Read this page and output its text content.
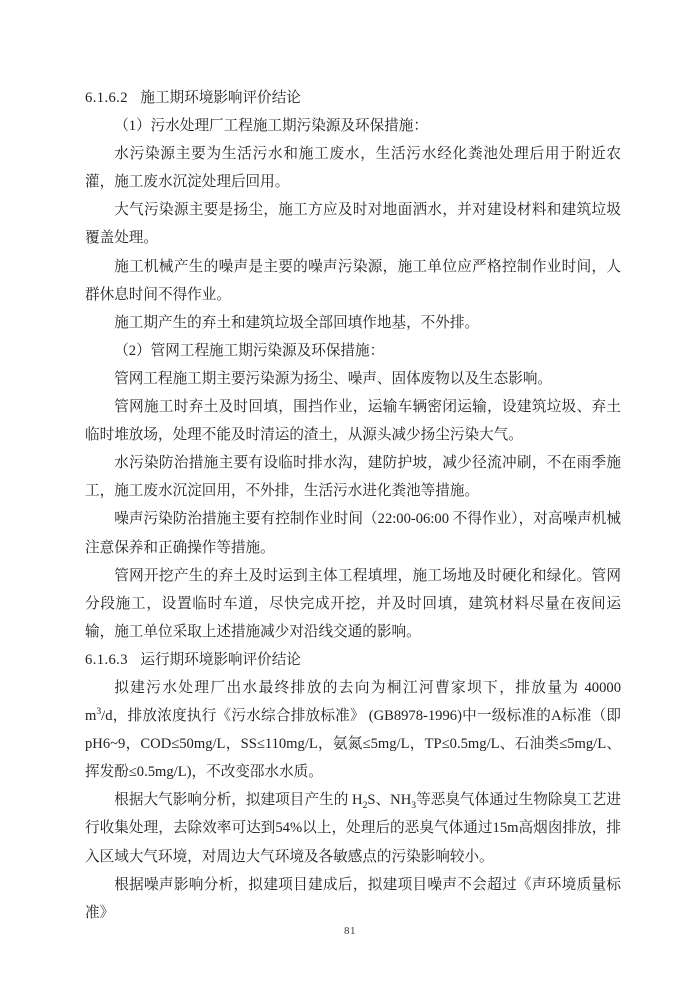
6.1.6.2 施工期环境影响评价结论

（1）污水处理厂工程施工期污染源及环保措施：

水污染源主要为生活污水和施工废水，生活污水经化粪池处理后用于附近农灌，施工废水沉淀处理后回用。

大气污染源主要是扬尘，施工方应及时对地面洒水，并对建设材料和建筑垃圾覆盖处理。

施工机械产生的噪声是主要的噪声污染源，施工单位应严格控制作业时间，人群休息时间不得作业。

施工期产生的弃土和建筑垃圾全部回填作地基，不外排。

（2）管网工程施工期污染源及环保措施：

管网工程施工期主要污染源为扬尘、噪声、固体废物以及生态影响。

管网施工时弃土及时回填，围挡作业，运输车辆密闭运输，设建筑垃圾、弃土临时堆放场，处理不能及时清运的渣土，从源头减少扬尘污染大气。

水污染防治措施主要有设临时排水沟，建防护坡，减少径流冲刷，不在雨季施工，施工废水沉淀回用，不外排，生活污水进化粪池等措施。

噪声污染防治措施主要有控制作业时间（22:00-06:00 不得作业），对高噪声机械注意保养和正确操作等措施。

管网开挖产生的弃土及时运到主体工程填埋，施工场地及时硬化和绿化。管网分段施工，设置临时车道，尽快完成开挖，并及时回填，建筑材料尽量在夜间运输，施工单位采取上述措施减少对沿线交通的影响。

6.1.6.3 运行期环境影响评价结论

拟建污水处理厂出水最终排放的去向为桐江河曹家坝下，排放量为 40000 $m^3/d$，排放浓度执行《污水综合排放标准》 (GB8978-1996)中一级标准的A标准（即 pH6~9，COD≤50mg/L，SS≤110mg/L，氨氮≤5mg/L，TP≤0.5mg/L、石油类≤5mg/L、挥发酚≤0.5mg/L)，不改变邵水水质。

根据大气影响分析，拟建项目产生的 $H_2S$、$NH_3$等恶臭气体通过生物除臭工艺进行收集处理，去除效率可达到54%以上，处理后的恶臭气体通过15m高烟囱排放，排入区域大气环境，对周边大气环境及各敏感点的污染影响较小。

根据噪声影响分析，拟建项目建成后，拟建项目噪声不会超过《声环境质量标准》

81
